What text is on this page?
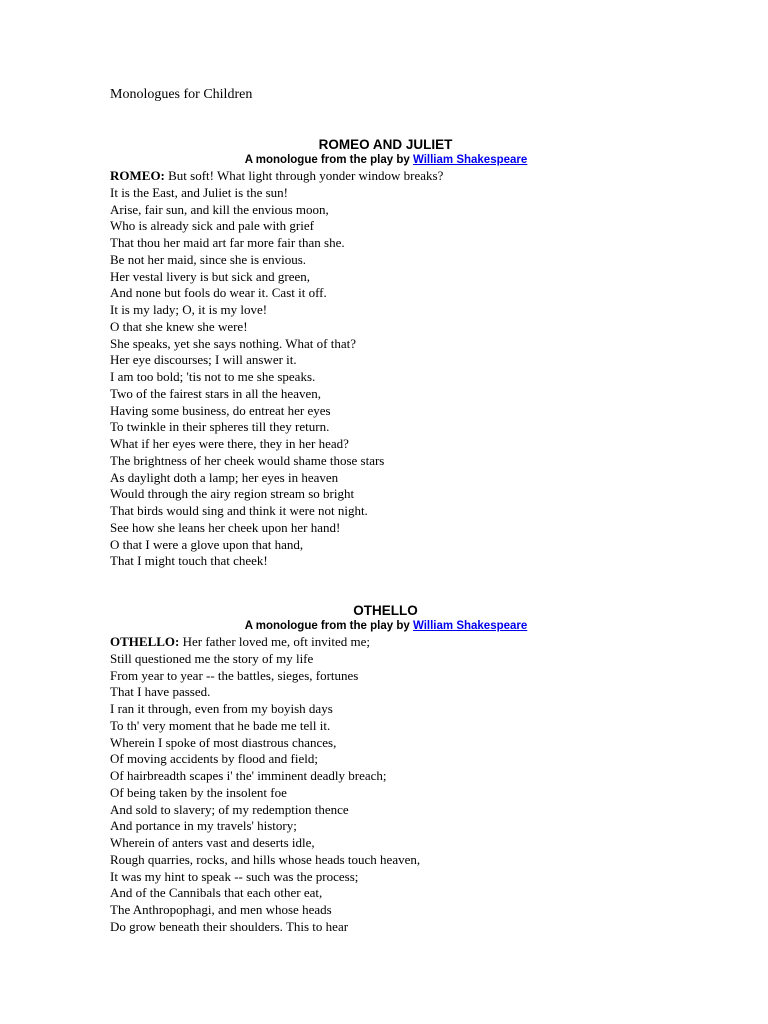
Monologues for Children
ROMEO AND JULIET
A monologue from the play by William Shakespeare
ROMEO: But soft! What light through yonder window breaks?
It is the East, and Juliet is the sun!
Arise, fair sun, and kill the envious moon,
Who is already sick and pale with grief
That thou her maid art far more fair than she.
Be not her maid, since she is envious.
Her vestal livery is but sick and green,
And none but fools do wear it. Cast it off.
It is my lady; O, it is my love!
O that she knew she were!
She speaks, yet she says nothing. What of that?
Her eye discourses; I will answer it.
I am too bold; 'tis not to me she speaks.
Two of the fairest stars in all the heaven,
Having some business, do entreat her eyes
To twinkle in their spheres till they return.
What if her eyes were there, they in her head?
The brightness of her cheek would shame those stars
As daylight doth a lamp; her eyes in heaven
Would through the airy region stream so bright
That birds would sing and think it were not night.
See how she leans her cheek upon her hand!
O that I were a glove upon that hand,
That I might touch that cheek!
OTHELLO
A monologue from the play by William Shakespeare
OTHELLO: Her father loved me, oft invited me;
Still questioned me the story of my life
From year to year -- the battles, sieges, fortunes
That I have passed.
I ran it through, even from my boyish days
To th' very moment that he bade me tell it.
Wherein I spoke of most diastrous chances,
Of moving accidents by flood and field;
Of hairbreadth scapes i' the' imminent deadly breach;
Of being taken by the insolent foe
And sold to slavery; of my redemption thence
And portance in my travels' history;
Wherein of anters vast and deserts idle,
Rough quarries, rocks, and hills whose heads touch heaven,
It was my hint to speak -- such was the process;
And of the Cannibals that each other eat,
The Anthropophagi, and men whose heads
Do grow beneath their shoulders. This to hear
